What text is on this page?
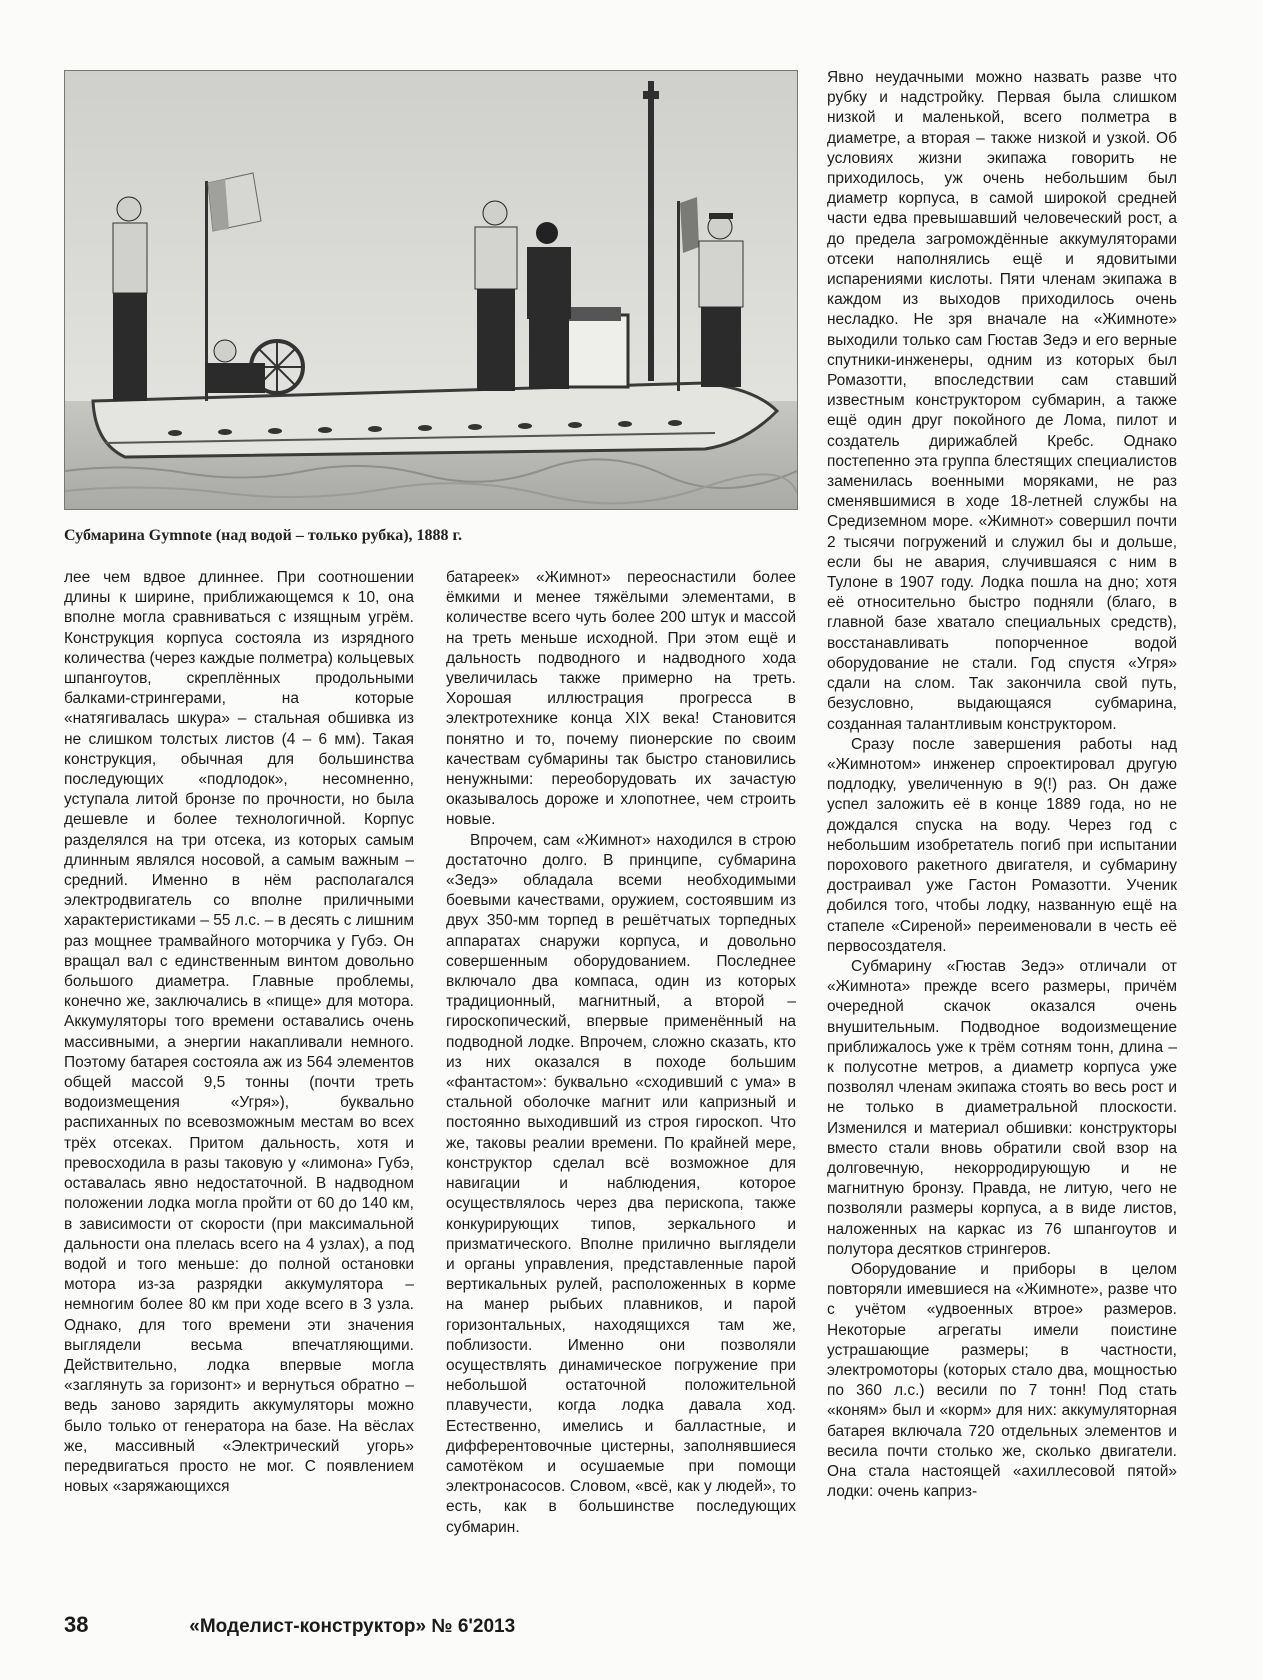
Субмарина Gymnote (над водой – только рубка), 1888 г.

лее чем вдвое длиннее. При соотношении длины к ширине, приближающемся к 10, она вполне могла сравниваться с изящным угрём. Конструкция корпуса состояла из изрядного количества (через каждые полметра) кольцевых шпангоутов, скреплённых продольными балками-стрингерами, на которые «натягивалась шкура» – стальная обшивка из не слишком толстых листов (4 – 6 мм). Такая конструкция, обычная для большинства последующих «подлодок», несомненно, уступала литой бронзе по прочности, но была дешевле и более технологичной. Корпус разделялся на три отсека, из которых самым длинным являлся носовой, а самым важным – средний. Именно в нём располагался электродвигатель со вполне приличными характеристиками – 55 л.с. – в десять с лишним раз мощнее трамвайного моторчика у Губэ. Он вращал вал с единственным винтом довольно большого диаметра. Главные проблемы, конечно же, заключались в «пище» для мотора. Аккумуляторы того времени оставались очень массивными, а энергии накапливали немного. Поэтому батарея состояла аж из 564 элементов общей массой 9,5 тонны (почти треть водоизмещения «Угря»), буквально распиханных по всевозможным местам во всех трёх отсеках. Притом дальность, хотя и превосходила в разы таковую у «лимона» Губэ, оставалась явно недостаточной. В надводном положении лодка могла пройти от 60 до 140 км, в зависимости от скорости (при максимальной дальности она плелась всего на 4 узлах), а под водой и того меньше: до полной остановки мотора из-за разрядки аккумулятора – немногим более 80 км при ходе всего в 3 узла. Однако, для того времени эти значения выглядели весьма впечатляющими. Действительно, лодка впервые могла «заглянуть за горизонт» и вернуться обратно – ведь заново зарядить аккумуляторы можно было только от генератора на базе. На вёслах же, массивный «Электрический угорь» передвигаться просто не мог. С появлением новых «заряжающихся

батареек» «Жимнот» переоснастили более ёмкими и менее тяжёлыми элементами, в количестве всего чуть более 200 штук и массой на треть меньше исходной. При этом ещё и дальность подводного и надводного хода увеличилась также примерно на треть. Хорошая иллюстрация прогресса в электротехнике конца XIX века! Становится понятно и то, почему пионерские по своим качествам субмарины так быстро становились ненужными: переоборудовать их зачастую оказывалось дороже и хлопотнее, чем строить новые.

Впрочем, сам «Жимнот» находился в строю достаточно долго. В принципе, субмарина «Зедэ» обладала всеми необходимыми боевыми качествами, оружием, состоявшим из двух 350-мм торпед в решётчатых торпедных аппаратах снаружи корпуса, и довольно совершенным оборудованием. Последнее включало два компаса, один из которых традиционный, магнитный, а второй – гироскопический, впервые применённый на подводной лодке. Впрочем, сложно сказать, кто из них оказался в походе большим «фантастом»: буквально «сходивший с ума» в стальной оболочке магнит или капризный и постоянно выходивший из строя гироскоп. Что же, таковы реалии времени. По крайней мере, конструктор сделал всё возможное для навигации и наблюдения, которое осуществлялось через два перископа, также конкурирующих типов, зеркального и призматического. Вполне прилично выглядели и органы управления, представленные парой вертикальных рулей, расположенных в корме на манер рыбьих плавников, и парой горизонтальных, находящихся там же, поблизости. Именно они позволяли осуществлять динамическое погружение при небольшой остаточной положительной плавучести, когда лодка давала ход. Естественно, имелись и балластные, и дифферентовочные цистерны, заполнявшиеся самотёком и осушаемые при помощи электронасосов. Словом, «всё, как у людей», то есть, как в большинстве последующих субмарин.

Явно неудачными можно назвать разве что рубку и надстройку. Первая была слишком низкой и маленькой, всего полметра в диаметре, а вторая – также низкой и узкой. Об условиях жизни экипажа говорить не приходилось, уж очень небольшим был диаметр корпуса, в самой широкой средней части едва превышавший человеческий рост, а до предела загромождённые аккумуляторами отсеки наполнялись ещё и ядовитыми испарениями кислоты. Пяти членам экипажа в каждом из выходов приходилось очень несладко. Не зря вначале на «Жимноте» выходили только сам Гюстав Зедэ и его верные спутники-инженеры, одним из которых был Ромазотти, впоследствии сам ставший известным конструктором субмарин, а также ещё один друг покойного де Лома, пилот и создатель дирижаблей Кребс. Однако постепенно эта группа блестящих специалистов заменилась военными моряками, не раз сменявшимися в ходе 18-летней службы на Средиземном море. «Жимнот» совершил почти 2 тысячи погружений и служил бы и дольше, если бы не авария, случившаяся с ним в Тулоне в 1907 году. Лодка пошла на дно; хотя её относительно быстро подняли (благо, в главной базе хватало специальных средств), восстанавливать попорченное водой оборудование не стали. Год спустя «Угря» сдали на слом. Так закончила свой путь, безусловно, выдающаяся субмарина, созданная талантливым конструктором.

Сразу после завершения работы над «Жимнотом» инженер спроектировал другую подлодку, увеличенную в 9(!) раз. Он даже успел заложить её в конце 1889 года, но не дождался спуска на воду. Через год с небольшим изобретатель погиб при испытании порохового ракетного двигателя, и субмарину достраивал уже Гастон Ромазотти. Ученик добился того, чтобы лодку, названную ещё на стапеле «Сиреной» переименовали в честь её первосоздателя.

Субмарину «Гюстав Зедэ» отличали от «Жимнота» прежде всего размеры, причём очередной скачок оказался очень внушительным. Подводное водоизмещение приближалось уже к трём сотням тонн, длина – к полусотне метров, а диаметр корпуса уже позволял членам экипажа стоять во весь рост и не только в диаметральной плоскости. Изменился и материал обшивки: конструкторы вместо стали вновь обратили свой взор на долговечную, некорродирующую и не магнитную бронзу. Правда, не литую, чего не позволяли размеры корпуса, а в виде листов, наложенных на каркас из 76 шпангоутов и полутора десятков стрингеров.

Оборудование и приборы в целом повторяли имевшиеся на «Жимноте», разве что с учётом «удвоенных втрое» размеров. Некоторые агрегаты имели поистине устрашающие размеры; в частности, электромоторы (которых стало два, мощностью по 360 л.с.) весили по 7 тонн! Под стать «коням» был и «корм» для них: аккумуляторная батарея включала 720 отдельных элементов и весила почти столько же, сколько двигатели. Она стала настоящей «ахиллесовой пятой» лодки: очень каприз-

38	«Моделист-конструктор» № 6'2013
